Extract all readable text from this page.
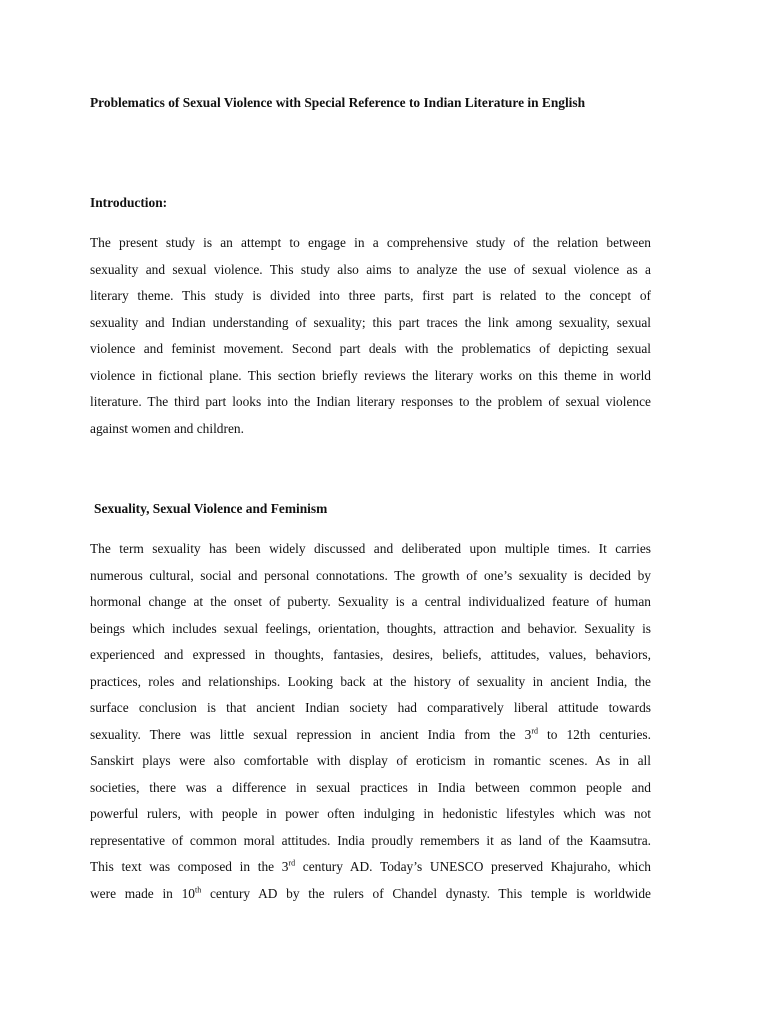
Problematics of Sexual Violence with Special Reference to Indian Literature in English
Introduction:
The present study is an attempt to engage in a comprehensive study of the relation between
sexuality and sexual violence. This study also aims to analyze the use of sexual violence as a
literary theme. This study is divided into three parts, first part is related to the concept of
sexuality and Indian understanding of sexuality; this part traces the link among sexuality, sexual
violence and feminist movement. Second part deals with the problematics of depicting sexual
violence in fictional plane. This section briefly reviews the literary works on this theme in world
literature. The third part looks into the Indian literary responses to the problem of sexual violence
against women and children.
Sexuality, Sexual Violence and Feminism
The term sexuality has been widely discussed and deliberated upon multiple times. It carries
numerous cultural, social and personal connotations. The growth of one’s sexuality is decided by
hormonal change at the onset of puberty. Sexuality is a central individualized feature of human
beings which includes sexual feelings, orientation, thoughts, attraction and behavior. Sexuality is
experienced and expressed in thoughts, fantasies, desires, beliefs, attitudes, values, behaviors,
practices, roles and relationships. Looking back at the history of sexuality in ancient India, the
surface conclusion is that ancient Indian society had comparatively liberal attitude towards
sexuality. There was little sexual repression in ancient India from the 3rd to 12th centuries.
Sanskirt plays were also comfortable with display of eroticism in romantic scenes. As in all
societies, there was a difference in sexual practices in India between common people and
powerful rulers, with people in power often indulging in hedonistic lifestyles which was not
representative of common moral attitudes. India proudly remembers it as land of the Kaamsutra.
This text was composed in the 3rd century AD. Today’s UNESCO preserved Khajuraho, which
were made in 10th century AD by the rulers of Chandel dynasty. This temple is worldwide
